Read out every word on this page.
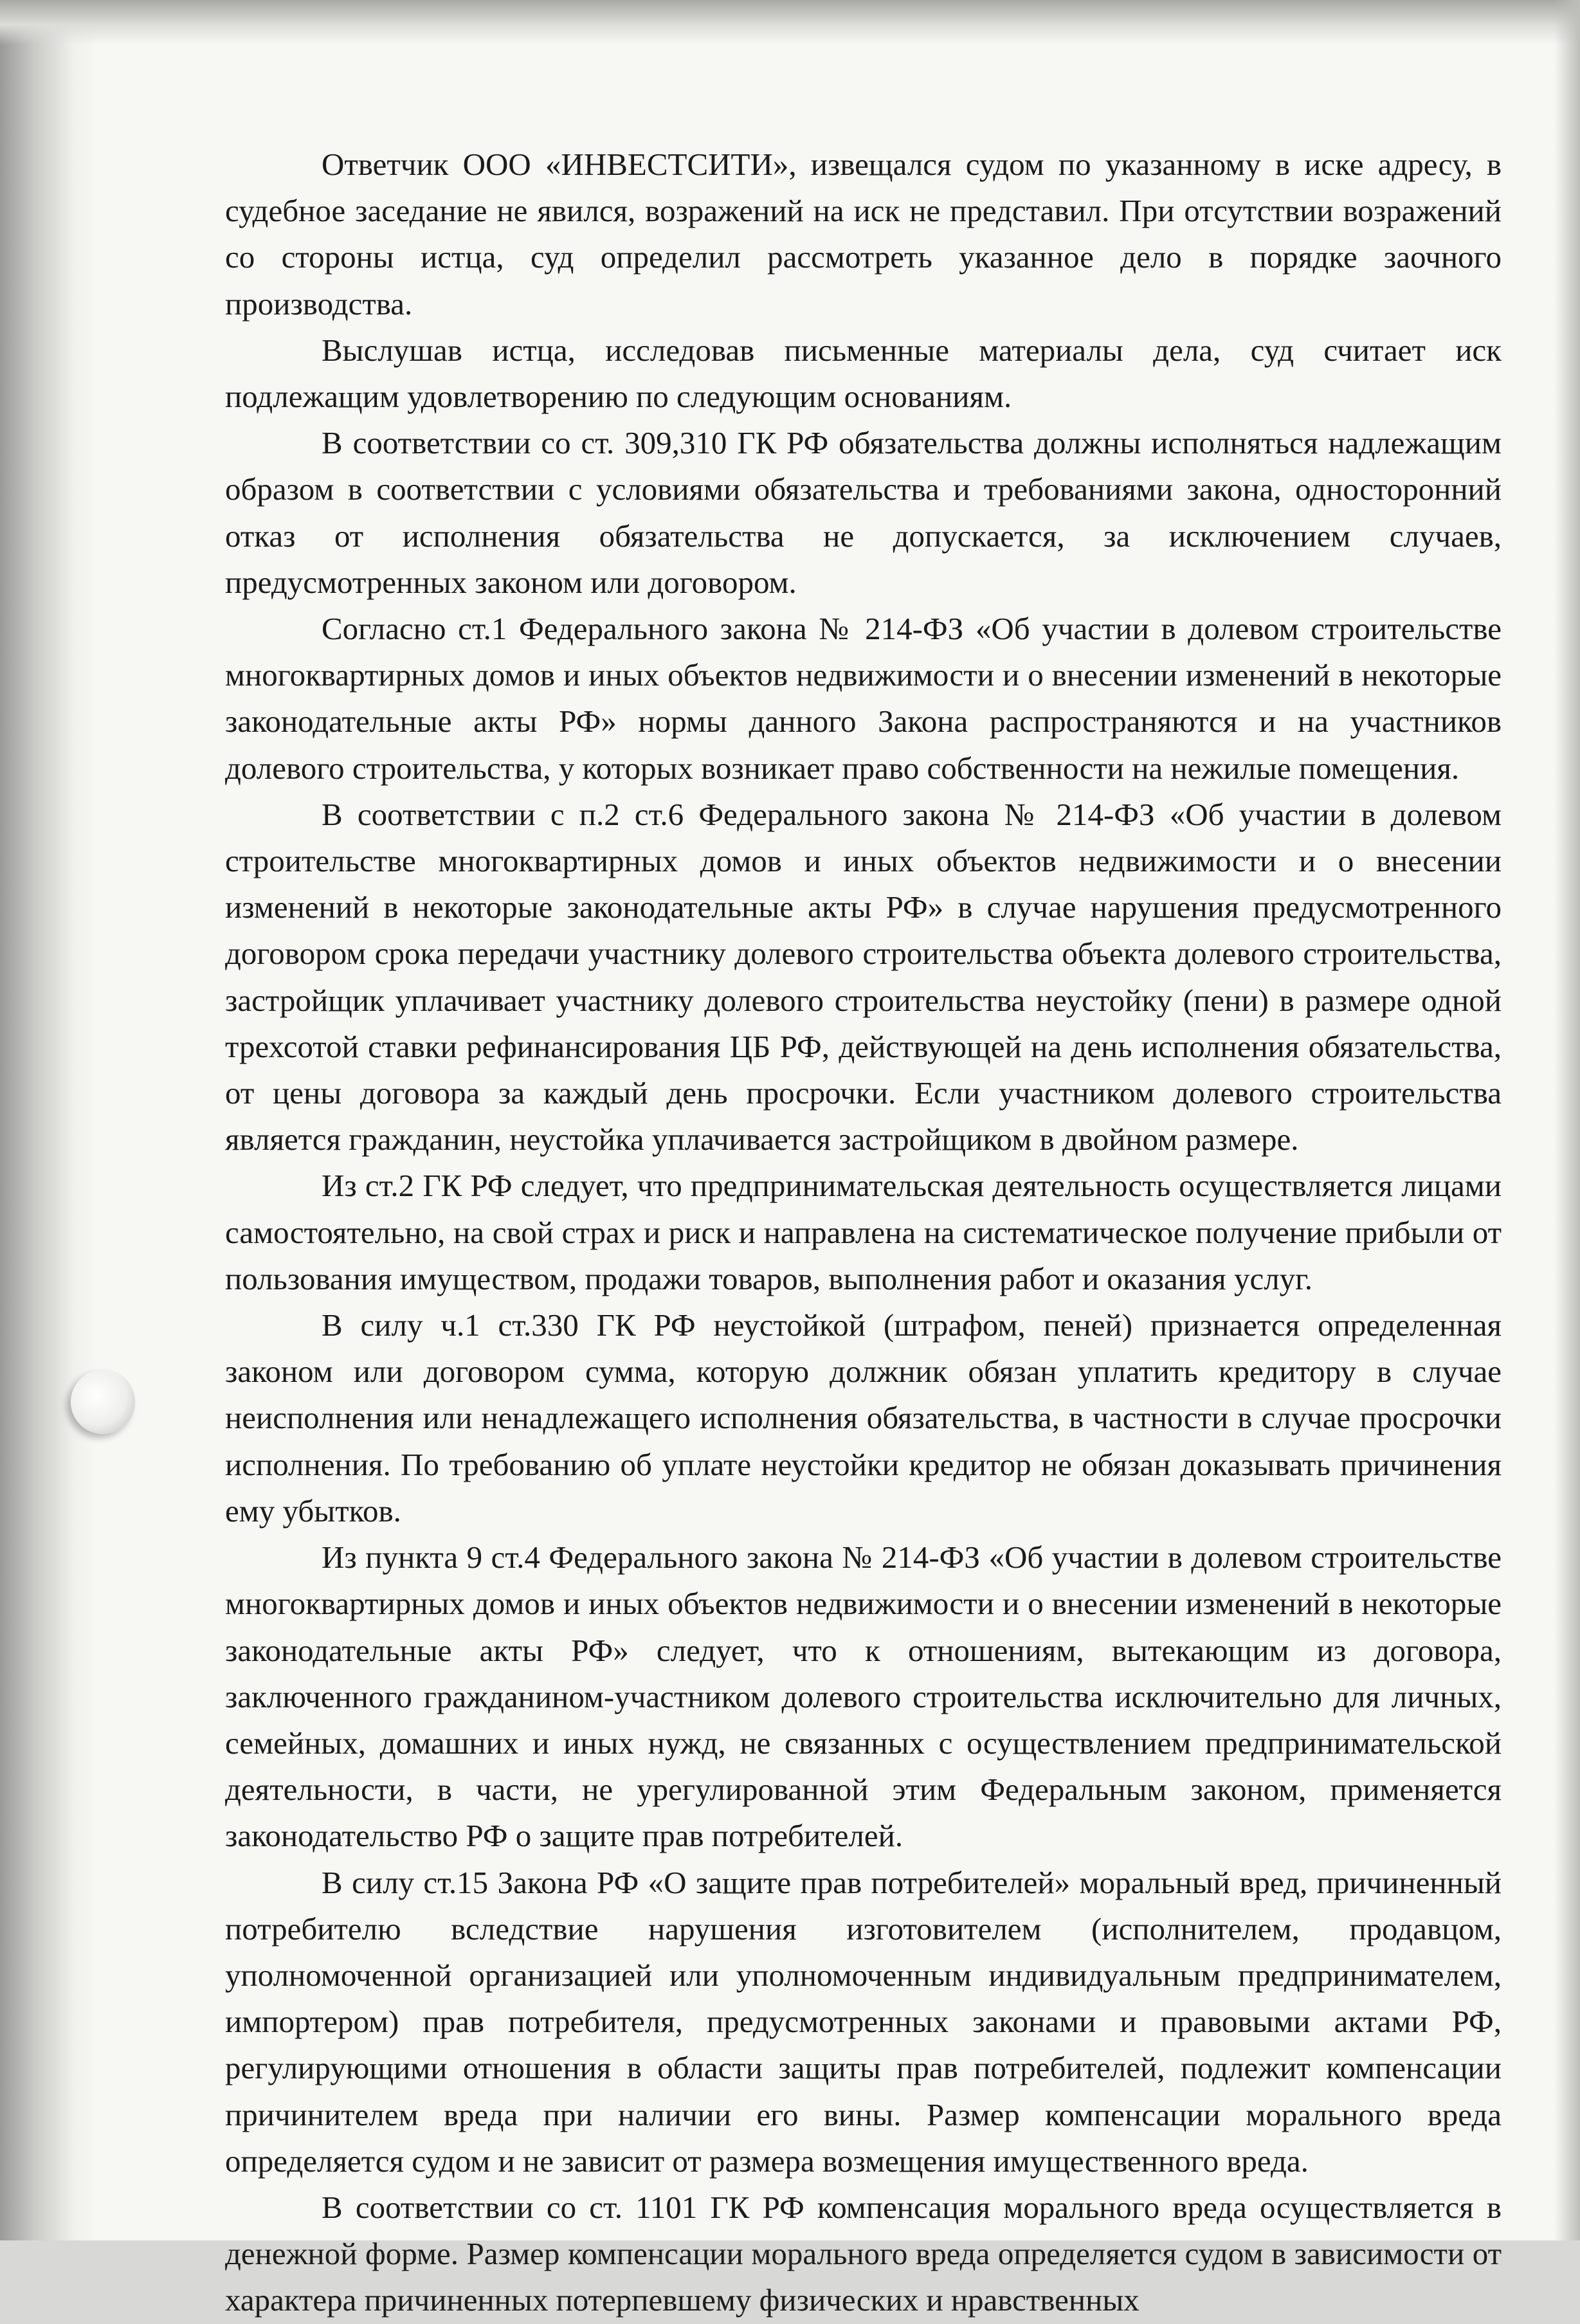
Ответчик ООО «ИНВЕСТСИТИ», извещался судом по указанному в иске адресу, в судебное заседание не явился, возражений на иск не представил. При отсутствии возражений со стороны истца, суд определил рассмотреть указанное дело в порядке заочного производства.

Выслушав истца, исследовав письменные материалы дела, суд считает иск подлежащим удовлетворению по следующим основаниям.

В соответствии со ст. 309,310 ГК РФ обязательства должны исполняться надлежащим образом в соответствии с условиями обязательства и требованиями закона, односторонний отказ от исполнения обязательства не допускается, за исключением случаев, предусмотренных законом или договором.

Согласно ст.1 Федерального закона № 214-ФЗ «Об участии в долевом строительстве многоквартирных домов и иных объектов недвижимости и о внесении изменений в некоторые законодательные акты РФ» нормы данного Закона распространяются и на участников долевого строительства, у которых возникает право собственности на нежилые помещения.

В соответствии с п.2 ст.6 Федерального закона № 214-ФЗ «Об участии в долевом строительстве многоквартирных домов и иных объектов недвижимости и о внесении изменений в некоторые законодательные акты РФ» в случае нарушения предусмотренного договором срока передачи участнику долевого строительства объекта долевого строительства, застройщик уплачивает участнику долевого строительства неустойку (пени) в размере одной трехсотой ставки рефинансирования ЦБ РФ, действующей на день исполнения обязательства, от цены договора за каждый день просрочки. Если участником долевого строительства является гражданин, неустойка уплачивается застройщиком в двойном размере.

Из ст.2 ГК РФ следует, что предпринимательская деятельность осуществляется лицами самостоятельно, на свой страх и риск и направлена на систематическое получение прибыли от пользования имуществом, продажи товаров, выполнения работ и оказания услуг.

В силу ч.1 ст.330 ГК РФ неустойкой (штрафом, пеней) признается определенная законом или договором сумма, которую должник обязан уплатить кредитору в случае неисполнения или ненадлежащего исполнения обязательства, в частности в случае просрочки исполнения. По требованию об уплате неустойки кредитор не обязан доказывать причинения ему убытков.

Из пункта 9 ст.4 Федерального закона № 214-ФЗ «Об участии в долевом строительстве многоквартирных домов и иных объектов недвижимости и о внесении изменений в некоторые законодательные акты РФ» следует, что к отношениям, вытекающим из договора, заключенного гражданином-участником долевого строительства исключительно для личных, семейных, домашних и иных нужд, не связанных с осуществлением предпринимательской деятельности, в части, не урегулированной этим Федеральным законом, применяется законодательство РФ о защите прав потребителей.

В силу ст.15 Закона РФ «О защите прав потребителей» моральный вред, причиненный потребителю вследствие нарушения изготовителем (исполнителем, продавцом, уполномоченной организацией или уполномоченным индивидуальным предпринимателем, импортером) прав потребителя, предусмотренных законами и правовыми актами РФ, регулирующими отношения в области защиты прав потребителей, подлежит компенсации причинителем вреда при наличии его вины. Размер компенсации морального вреда определяется судом и не зависит от размера возмещения имущественного вреда.

В соответствии со ст. 1101 ГК РФ компенсация морального вреда осуществляется в денежной форме. Размер компенсации морального вреда определяется судом в зависимости от характера причиненных потерпевшему физических и нравственных
